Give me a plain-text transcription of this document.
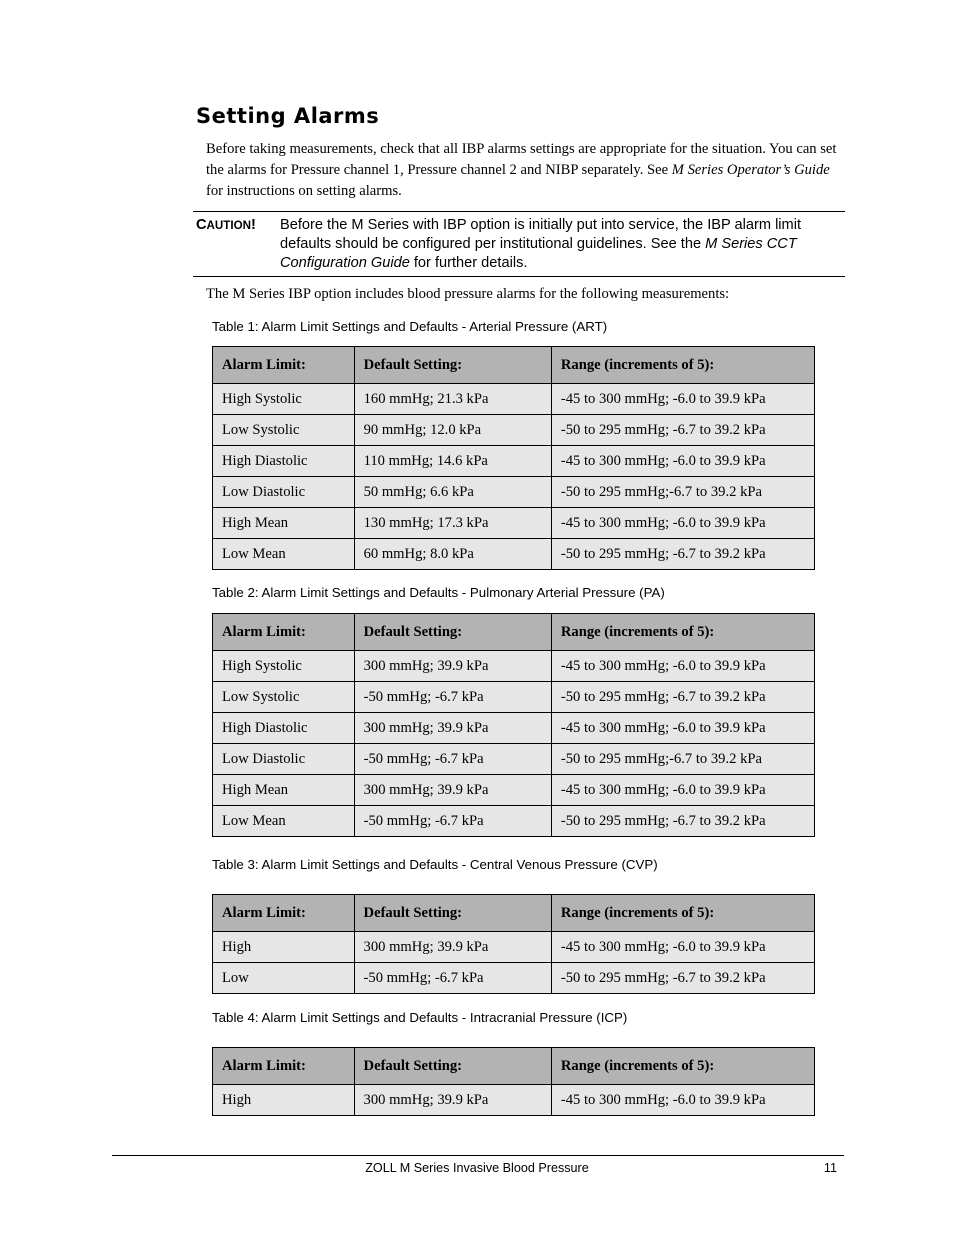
Setting Alarms

Before taking measurements, check that all IBP alarms settings are appropriate for the situation. You can set the alarms for Pressure channel 1, Pressure channel 2 and NIBP separately. See M Series Operator’s Guide for instructions on setting alarms.

CAUTION! Before the M Series with IBP option is initially put into service, the IBP alarm limit defaults should be configured per institutional guidelines. See the M Series CCT Configuration Guide for further details.

The M Series IBP option includes blood pressure alarms for the following measurements:

Table 1: Alarm Limit Settings and Defaults - Arterial Pressure (ART)

Alarm Limit:	Default Setting:	Range (increments of 5):
High Systolic	160 mmHg; 21.3 kPa	-45 to 300 mmHg; -6.0 to 39.9 kPa
Low Systolic	90 mmHg; 12.0 kPa	-50 to 295 mmHg; -6.7 to 39.2 kPa
High Diastolic	110 mmHg; 14.6 kPa	-45 to 300 mmHg; -6.0 to 39.9 kPa
Low Diastolic	50 mmHg; 6.6 kPa	-50 to 295 mmHg;-6.7 to 39.2 kPa
High Mean	130 mmHg; 17.3 kPa	-45 to 300 mmHg; -6.0 to 39.9 kPa
Low Mean	60 mmHg; 8.0 kPa	-50 to 295 mmHg; -6.7 to 39.2 kPa

Table 2: Alarm Limit Settings and Defaults - Pulmonary Arterial Pressure (PA)

Alarm Limit:	Default Setting:	Range (increments of 5):
High Systolic	300 mmHg; 39.9 kPa	-45 to 300 mmHg; -6.0 to 39.9 kPa
Low Systolic	-50 mmHg; -6.7 kPa	-50 to 295 mmHg; -6.7 to 39.2 kPa
High Diastolic	300 mmHg; 39.9 kPa	-45 to 300 mmHg; -6.0 to 39.9 kPa
Low Diastolic	-50 mmHg; -6.7 kPa	-50 to 295 mmHg;-6.7 to 39.2 kPa
High Mean	300 mmHg; 39.9 kPa	-45 to 300 mmHg; -6.0 to 39.9 kPa
Low Mean	-50 mmHg; -6.7 kPa	-50 to 295 mmHg; -6.7 to 39.2 kPa

Table 3: Alarm Limit Settings and Defaults - Central Venous Pressure (CVP)

Alarm Limit:	Default Setting:	Range (increments of 5):
High	300 mmHg; 39.9 kPa	-45 to 300 mmHg; -6.0 to 39.9 kPa
Low	-50 mmHg; -6.7 kPa	-50 to 295 mmHg; -6.7 to 39.2 kPa

Table 4: Alarm Limit Settings and Defaults - Intracranial Pressure (ICP)

Alarm Limit:	Default Setting:	Range (increments of 5):
High	300 mmHg; 39.9 kPa	-45 to 300 mmHg; -6.0 to 39.9 kPa
ZOLL M Series Invasive Blood Pressure	11
